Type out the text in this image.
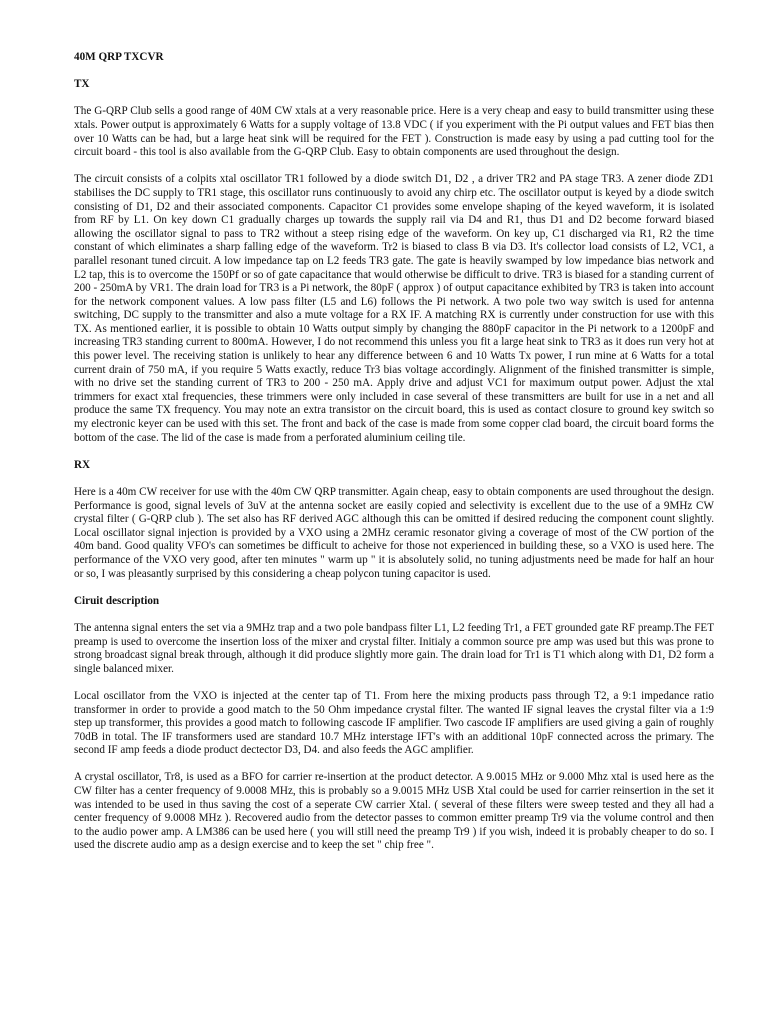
40M QRP TXCVR

TX

The G-QRP Club sells a good range of 40M CW xtals at a very reasonable price. Here is a very cheap and easy to build transmitter using these xtals. Power output is approximately 6 Watts for a supply voltage of 13.8 VDC ( if you experiment with the Pi output values and FET bias then over 10 Watts can be had, but a large heat sink will be required for the FET ). Construction is made easy by using a pad cutting tool for the circuit board - this tool is also available from the G-QRP Club. Easy to obtain components are used throughout the design.

The circuit consists of a colpits xtal oscillator TR1 followed by a diode switch D1, D2 , a driver TR2 and PA stage TR3. A zener diode ZD1 stabilises the DC supply to TR1 stage, this oscillator runs continuously to avoid any chirp etc. The oscillator output is keyed by a diode switch consisting of D1, D2 and their associated components. Capacitor C1 provides some envelope shaping of the keyed waveform, it is isolated from RF by L1. On key down C1 gradually charges up towards the supply rail via D4 and R1, thus D1 and D2 become forward biased allowing the oscillator signal to pass to TR2 without a steep rising edge of the waveform. On key up, C1 discharged via R1, R2 the time constant of which eliminates a sharp falling edge of the waveform. Tr2 is biased to class B via D3. It's collector load consists of L2, VC1, a parallel resonant tuned circuit. A low impedance tap on L2 feeds TR3 gate. The gate is heavily swamped by low impedance bias network and L2 tap, this is to overcome the 150Pf or so of gate capacitance that would otherwise be difficult to drive. TR3 is biased for a standing current of 200 - 250mA by VR1. The drain load for TR3 is a Pi network, the 80pF ( approx ) of output capacitance exhibited by TR3 is taken into account for the network component values. A low pass filter (L5 and L6) follows the Pi network. A two pole two way switch is used for antenna switching, DC supply to the transmitter and also a mute voltage for a RX IF. A matching RX is currently under construction for use with this TX. As mentioned earlier, it is possible to obtain 10 Watts output simply by changing the 880pF capacitor in the Pi network to a 1200pF and increasing TR3 standing current to 800mA. However, I do not recommend this unless you fit a large heat sink to TR3 as it does run very hot at this power level. The receiving station is unlikely to hear any difference between 6 and 10 Watts Tx power, I run mine at 6 Watts for a total current drain of 750 mA, if you require 5 Watts exactly, reduce Tr3 bias voltage accordingly. Alignment of the finished transmitter is simple, with no drive set the standing current of TR3 to 200 - 250 mA. Apply drive and adjust VC1 for maximum output power. Adjust the xtal trimmers for exact xtal frequencies, these trimmers were only included in case several of these transmitters are built for use in a net and all produce the same TX frequency. You may note an extra transistor on the circuit board, this is used as contact closure to ground key switch so my electronic keyer can be used with this set. The front and back of the case is made from some copper clad board, the circuit board forms the bottom of the case. The lid of the case is made from a perforated aluminium ceiling tile.

RX

Here is a 40m CW receiver for use with the 40m CW QRP transmitter. Again cheap, easy to obtain components are used throughout the design. Performance is good, signal levels of 3uV at the antenna socket are easily copied and selectivity is excellent due to the use of a 9MHz CW crystal filter ( G-QRP club ). The set also has RF derived AGC although this can be omitted if desired reducing the component count slightly. Local oscillator signal injection is provided by a VXO using a 2MHz ceramic resonator giving a coverage of most of the CW portion of the 40m band. Good quality VFO's can sometimes be difficult to acheive for those not experienced in building these, so a VXO is used here. The performance of the VXO very good, after ten minutes " warm up " it is absolutely solid, no tuning adjustments need be made for half an hour or so, I was pleasantly surprised by this considering a cheap polycon tuning capacitor is used.

Ciruit description

The antenna signal enters the set via a 9MHz trap and a two pole bandpass filter L1, L2 feeding Tr1, a FET grounded gate RF preamp.The FET preamp is used to overcome the insertion loss of the mixer and crystal filter. Initialy a common source pre amp was used but this was prone to strong broadcast signal break through, although it did produce slightly more gain. The drain load for Tr1 is T1 which along with D1, D2 form a single balanced mixer.

Local oscillator from the VXO is injected at the center tap of T1. From here the mixing products pass through T2, a 9:1 impedance ratio transformer in order to provide a good match to the 50 Ohm impedance crystal filter. The wanted IF signal leaves the crystal filter via a 1:9 step up transformer, this provides a good match to following cascode IF amplifier. Two cascode IF amplifiers are used giving a gain of roughly 70dB in total. The IF transformers used are standard 10.7 MHz interstage IFT's with an additional 10pF connected across the primary. The second IF amp feeds a diode product dectector D3, D4. and also feeds the AGC amplifier.

A crystal oscillator, Tr8, is used as a BFO for carrier re-insertion at the product detector. A 9.0015 MHz or 9.000 Mhz xtal is used here as the CW filter has a center frequency of 9.0008 MHz, this is probably so a 9.0015 MHz USB Xtal could be used for carrier reinsertion in the set it was intended to be used in thus saving the cost of a seperate CW carrier Xtal. ( several of these filters were sweep tested and they all had a center frequency of 9.0008 MHz ). Recovered audio from the detector passes to common emitter preamp Tr9 via the volume control and then to the audio power amp. A LM386 can be used here ( you will still need the preamp Tr9 ) if you wish, indeed it is probably cheaper to do so. I used the discrete audio amp as a design exercise and to keep the set " chip free ".
